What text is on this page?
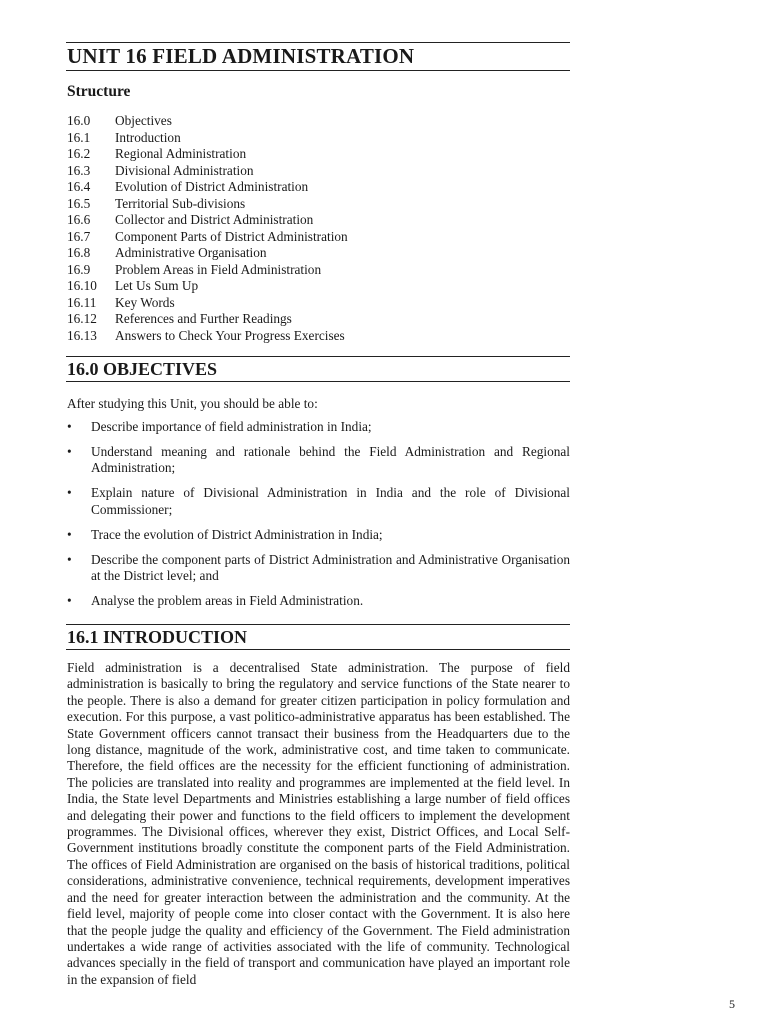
UNIT 16 FIELD ADMINISTRATION
Structure
16.0 Objectives
16.1 Introduction
16.2 Regional Administration
16.3 Divisional Administration
16.4 Evolution of District Administration
16.5 Territorial Sub-divisions
16.6 Collector and District Administration
16.7 Component Parts of District Administration
16.8 Administrative Organisation
16.9 Problem Areas in Field Administration
16.10 Let Us Sum Up
16.11 Key Words
16.12 References and Further Readings
16.13 Answers to Check Your Progress Exercises
16.0 OBJECTIVES

After studying this Unit, you should be able to:

• Describe importance of field administration in India;
• Understand meaning and rationale behind the Field Administration and Regional Administration;
• Explain nature of Divisional Administration in India and the role of Divisional Commissioner;
• Trace the evolution of District Administration in India;
• Describe the component parts of District Administration and Administrative Organisation at the District level; and
• Analyse the problem areas in Field Administration.
16.1 INTRODUCTION

Field administration is a decentralised State administration. The purpose of field administration is basically to bring the regulatory and service functions of the State nearer to the people. There is also a demand for greater citizen participation in policy formulation and execution. For this purpose, a vast politico-administrative apparatus has been established. The State Government officers cannot transact their business from the Headquarters due to the long distance, magnitude of the work, administrative cost, and time taken to communicate. Therefore, the field offices are the necessity for the efficient functioning of administration. The policies are translated into reality and programmes are implemented at the field level. In India, the State level Departments and Ministries establishing a large number of field offices and delegating their power and functions to the field officers to implement the development programmes. The Divisional offices, wherever they exist, District Offices, and Local Self-Government institutions broadly constitute the component parts of the Field Administration. The offices of Field Administration are organised on the basis of historical traditions, political considerations, administrative convenience, technical requirements, development imperatives and the need for greater interaction between the administration and the community. At the field level, majority of people come into closer contact with the Government. It is also here that the people judge the quality and efficiency of the Government. The Field administration undertakes a wide range of activities associated with the life of community. Technological advances specially in the field of transport and communication have played an important role in the expansion of field

5
